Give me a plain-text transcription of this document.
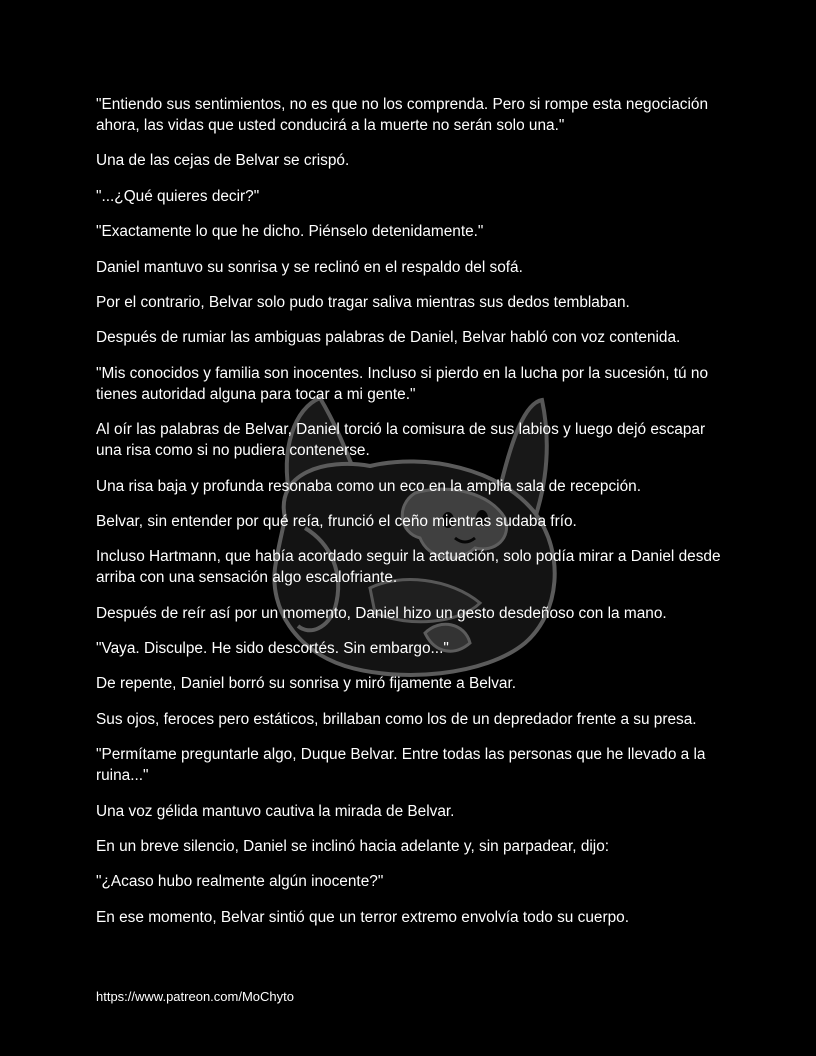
"Entiendo sus sentimientos, no es que no los comprenda. Pero si rompe esta negociación ahora, las vidas que usted conducirá a la muerte no serán solo una."

Una de las cejas de Belvar se crispó.

"...¿Qué quieres decir?"

"Exactamente lo que he dicho. Piénselo detenidamente."

Daniel mantuvo su sonrisa y se reclinó en el respaldo del sofá.

Por el contrario, Belvar solo pudo tragar saliva mientras sus dedos temblaban.

Después de rumiar las ambiguas palabras de Daniel, Belvar habló con voz contenida.

"Mis conocidos y familia son inocentes. Incluso si pierdo en la lucha por la sucesión, tú no tienes autoridad alguna para tocar a mi gente."

Al oír las palabras de Belvar, Daniel torció la comisura de sus labios y luego dejó escapar una risa como si no pudiera contenerse.

Una risa baja y profunda resonaba como un eco en la amplia sala de recepción.

Belvar, sin entender por qué reía, frunció el ceño mientras sudaba frío.

Incluso Hartmann, que había acordado seguir la actuación, solo podía mirar a Daniel desde arriba con una sensación algo escalofriante.

Después de reír así por un momento, Daniel hizo un gesto desdeñoso con la mano.

"Vaya. Disculpe. He sido descortés. Sin embargo..."

De repente, Daniel borró su sonrisa y miró fijamente a Belvar.

Sus ojos, feroces pero estáticos, brillaban como los de un depredador frente a su presa.

"Permítame preguntarle algo, Duque Belvar. Entre todas las personas que he llevado a la ruina..."

Una voz gélida mantuvo cautiva la mirada de Belvar.

En un breve silencio, Daniel se inclinó hacia adelante y, sin parpadear, dijo:

"¿Acaso hubo realmente algún inocente?"

En ese momento, Belvar sintió que un terror extremo envolvía todo su cuerpo.

https://www.patreon.com/MoChyto
